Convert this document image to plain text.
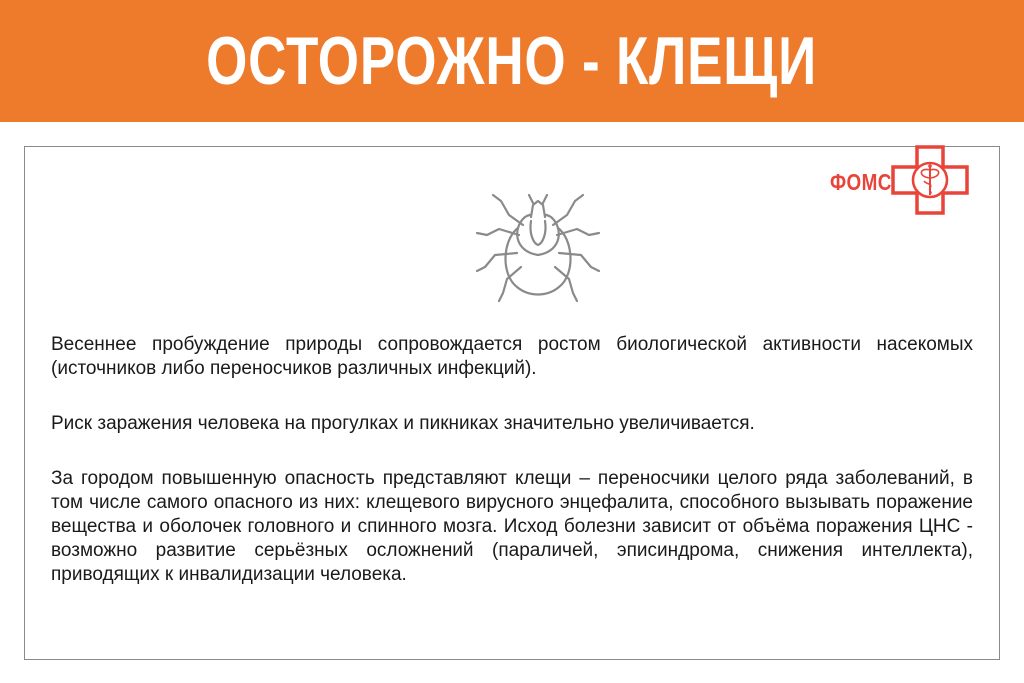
ОСТОРОЖНО - КЛЕЩИ
ФОМС

Весеннее пробуждение природы сопровождается ростом биологической активности насекомых (источников либо переносчиков различных инфекций).

Риск заражения человека на прогулках и пикниках значительно увеличивается.

За городом повышенную опасность представляют клещи – переносчики целого ряда заболеваний, в том числе самого опасного из них: клещевого вирусного энцефалита, способного вызывать поражение вещества и оболочек головного и спинного мозга. Исход болезни зависит от объёма поражения ЦНС - возможно развитие серьёзных осложнений (параличей, эписиндрома, снижения интеллекта), приводящих к инвалидизации человека.
